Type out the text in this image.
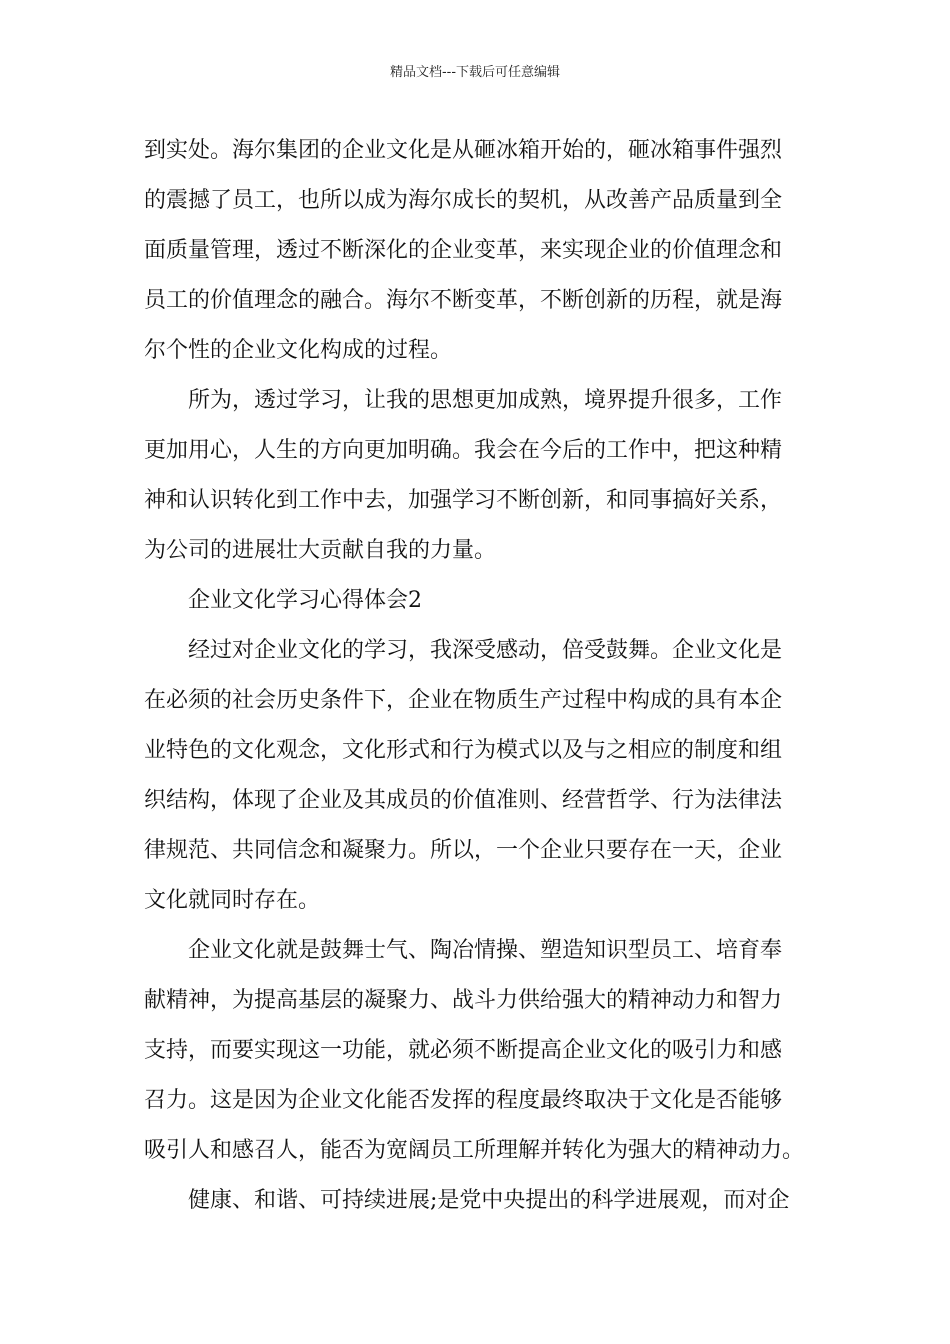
精品文档---下载后可任意编辑
到实处。海尔集团的企业文化是从砸冰箱开始的，砸冰箱事件强烈
的震撼了员工，也所以成为海尔成长的契机，从改善产品质量到全
面质量管理，透过不断深化的企业变革，来实现企业的价值理念和
员工的价值理念的融合。海尔不断变革，不断创新的历程，就是海
尔个性的企业文化构成的过程。
所为，透过学习，让我的思想更加成熟，境界提升很多，工作
更加用心，人生的方向更加明确。我会在今后的工作中，把这种精
神和认识转化到工作中去，加强学习不断创新，和同事搞好关系，
为公司的进展壮大贡献自我的力量。
企业文化学习心得体会2
经过对企业文化的学习，我深受感动，倍受鼓舞。企业文化是
在必须的社会历史条件下，企业在物质生产过程中构成的具有本企
业特色的文化观念，文化形式和行为模式以及与之相应的制度和组
织结构，体现了企业及其成员的价值准则、经营哲学、行为法律法
律规范、共同信念和凝聚力。所以，一个企业只要存在一天，企业
文化就同时存在。
企业文化就是鼓舞士气、陶冶情操、塑造知识型员工、培育奉
献精神，为提高基层的凝聚力、战斗力供给强大的精神动力和智力
支持，而要实现这一功能，就必须不断提高企业文化的吸引力和感
召力。这是因为企业文化能否发挥的程度最终取决于文化是否能够
吸引人和感召人，能否为宽阔员工所理解并转化为强大的精神动力。
健康、和谐、可持续进展;是党中央提出的科学进展观，而对企
